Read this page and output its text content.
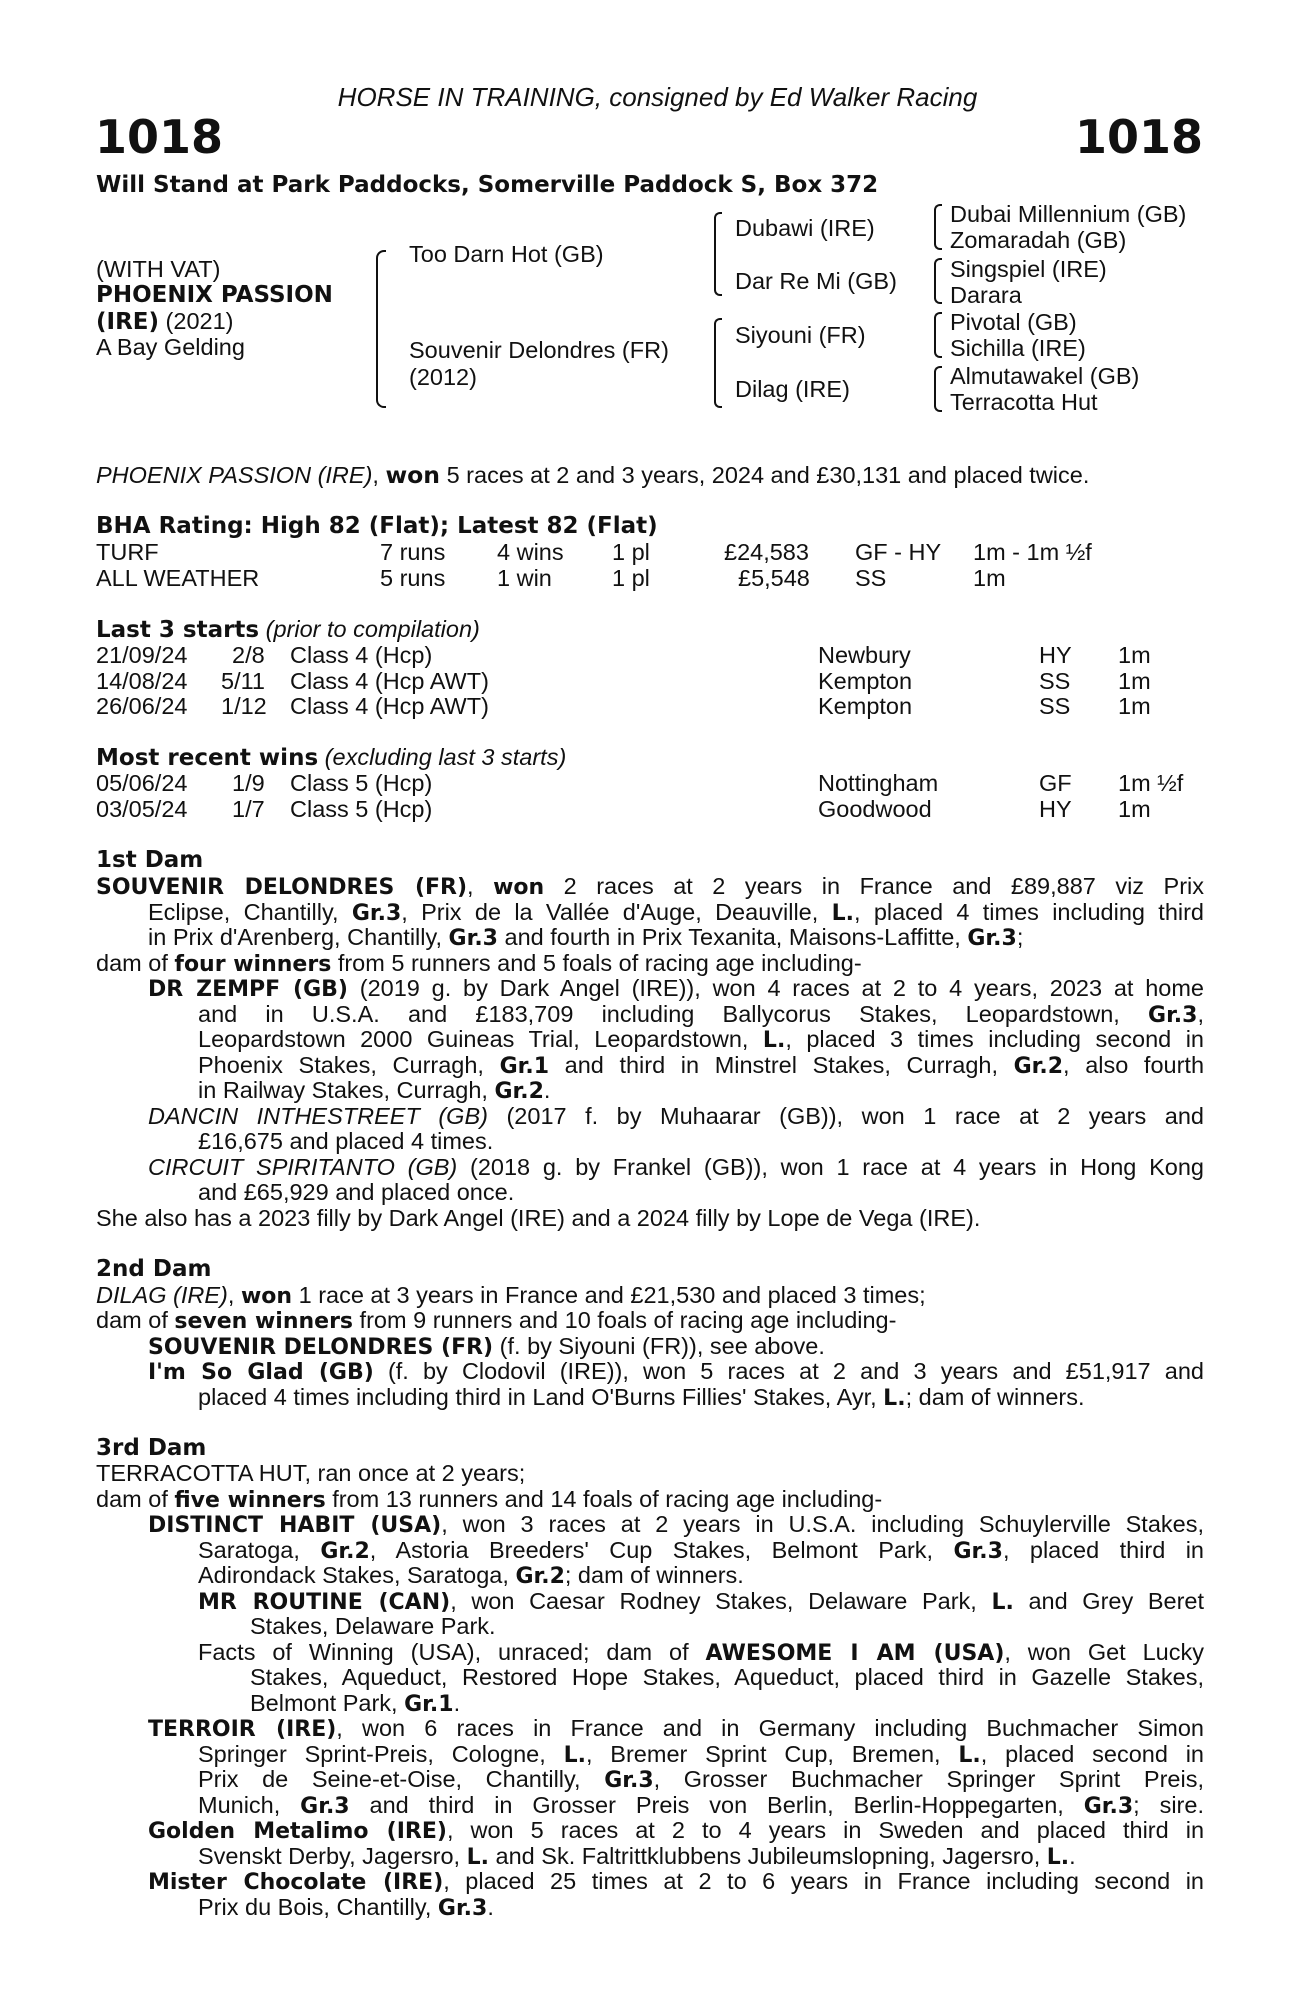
HORSE IN TRAINING, consigned by Ed Walker Racing
1018	1018
Will Stand at Park Paddocks, Somerville Paddock S, Box 372
(WITH VAT)
PHOENIX PASSION
(IRE) (2021)
A Bay Gelding
Too Darn Hot (GB)
Souvenir Delondres (FR)
(2012)
Dubawi (IRE)
Dar Re Mi (GB)
Siyouni (FR)
Dilag (IRE)
Dubai Millennium (GB)
Zomaradah (GB)
Singspiel (IRE)
Darara
Pivotal (GB)
Sichilla (IRE)
Almutawakel (GB)
Terracotta Hut
PHOENIX PASSION (IRE), won 5 races at 2 and 3 years, 2024 and £30,131 and placed twice.
BHA Rating: High 82 (Flat); Latest 82 (Flat)
TURF	7 runs 4 wins 1 pl	£24,583 GF - HY 1m - 1m ½f
ALL WEATHER	5 runs 1 win	1 pl	£5,548 SS	1m
Last 3 starts (prior to compilation)
21/09/24 2/8 Class 4 (Hcp)	Newbury	HY 1m
14/08/24 5/11 Class 4 (Hcp AWT)	Kempton	SS 1m
26/06/24 1/12 Class 4 (Hcp AWT)	Kempton	SS 1m
Most recent wins (excluding last 3 starts)
05/06/24 1/9 Class 5 (Hcp)	Nottingham	GF 1m ½f
03/05/24 1/7 Class 5 (Hcp)	Goodwood	HY 1m
1st Dam
SOUVENIR DELONDRES (FR), won 2 races at 2 years in France and £89,887 viz Prix
Eclipse, Chantilly, Gr.3, Prix de la Vallée d'Auge, Deauville, L., placed 4 times including third
in Prix d'Arenberg, Chantilly, Gr.3 and fourth in Prix Texanita, Maisons-Laffitte, Gr.3;
dam of four winners from 5 runners and 5 foals of racing age including-
DR ZEMPF (GB) (2019 g. by Dark Angel (IRE)), won 4 races at 2 to 4 years, 2023 at home
and in U.S.A. and £183,709 including Ballycorus Stakes, Leopardstown, Gr.3,
Leopardstown 2000 Guineas Trial, Leopardstown, L., placed 3 times including second in
Phoenix Stakes, Curragh, Gr.1 and third in Minstrel Stakes, Curragh, Gr.2, also fourth
in Railway Stakes, Curragh, Gr.2.
DANCIN INTHESTREET (GB) (2017 f. by Muhaarar (GB)), won 1 race at 2 years and
£16,675 and placed 4 times.
CIRCUIT SPIRITANTO (GB) (2018 g. by Frankel (GB)), won 1 race at 4 years in Hong Kong
and £65,929 and placed once.
She also has a 2023 filly by Dark Angel (IRE) and a 2024 filly by Lope de Vega (IRE).
2nd Dam
DILAG (IRE), won 1 race at 3 years in France and £21,530 and placed 3 times;
dam of seven winners from 9 runners and 10 foals of racing age including-
SOUVENIR DELONDRES (FR) (f. by Siyouni (FR)), see above.
I'm So Glad (GB) (f. by Clodovil (IRE)), won 5 races at 2 and 3 years and £51,917 and
placed 4 times including third in Land O'Burns Fillies' Stakes, Ayr, L.; dam of winners.
3rd Dam
TERRACOTTA HUT, ran once at 2 years;
dam of five winners from 13 runners and 14 foals of racing age including-
DISTINCT HABIT (USA), won 3 races at 2 years in U.S.A. including Schuylerville Stakes,
Saratoga, Gr.2, Astoria Breeders' Cup Stakes, Belmont Park, Gr.3, placed third in
Adirondack Stakes, Saratoga, Gr.2; dam of winners.
MR ROUTINE (CAN), won Caesar Rodney Stakes, Delaware Park, L. and Grey Beret
Stakes, Delaware Park.
Facts of Winning (USA), unraced; dam of AWESOME I AM (USA), won Get Lucky
Stakes, Aqueduct, Restored Hope Stakes, Aqueduct, placed third in Gazelle Stakes,
Belmont Park, Gr.1.
TERROIR (IRE), won 6 races in France and in Germany including Buchmacher Simon
Springer Sprint-Preis, Cologne, L., Bremer Sprint Cup, Bremen, L., placed second in
Prix de Seine-et-Oise, Chantilly, Gr.3, Grosser Buchmacher Springer Sprint Preis,
Munich, Gr.3 and third in Grosser Preis von Berlin, Berlin-Hoppegarten, Gr.3; sire.
Golden Metalimo (IRE), won 5 races at 2 to 4 years in Sweden and placed third in
Svenskt Derby, Jagersro, L. and Sk. Faltrittklubbens Jubileumslopning, Jagersro, L..
Mister Chocolate (IRE), placed 25 times at 2 to 6 years in France including second in
Prix du Bois, Chantilly, Gr.3.
